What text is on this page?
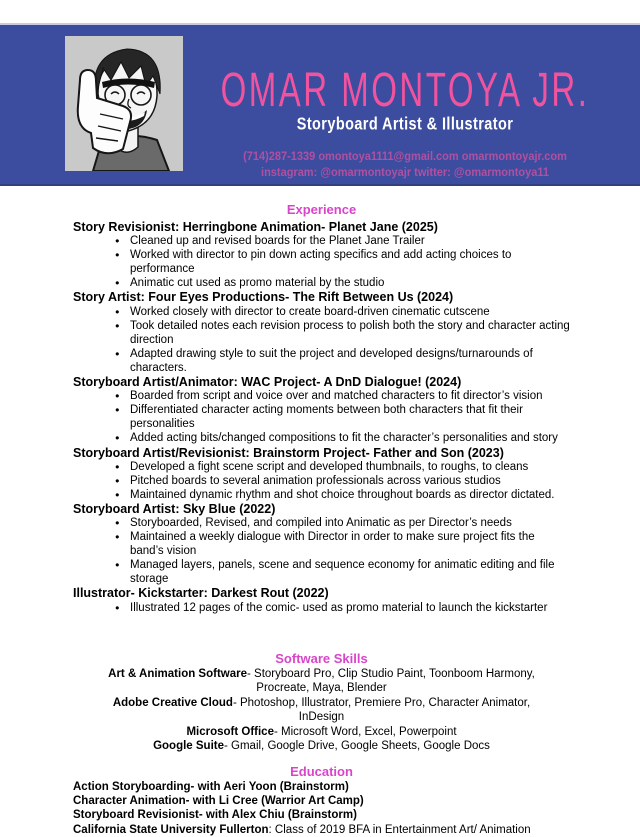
OMAR MONTOYA JR.
Storyboard Artist & Illustrator
(714)287-1339 omontoya1111@gmail.com omarmontoyajr.com
instagram: @omarmontoyajr twitter: @omarmontoya11
Experience
Story Revisionist: Herringbone Animation- Planet Jane (2025)
● Cleaned up and revised boards for the Planet Jane Trailer
● Worked with director to pin down acting specifics and add acting choices to performance
● Animatic cut used as promo material by the studio
Story Artist: Four Eyes Productions- The Rift Between Us (2024)
● Worked closely with director to create board-driven cinematic cutscene
● Took detailed notes each revision process to polish both the story and character acting direction
● Adapted drawing style to suit the project and developed designs/turnarounds of characters.
Storyboard Artist/Animator: WAC Project- A DnD Dialogue! (2024)
● Boarded from script and voice over and matched characters to fit director’s vision
● Differentiated character acting moments between both characters that fit their personalities
● Added acting bits/changed compositions to fit the character’s personalities and story
Storyboard Artist/Revisionist: Brainstorm Project- Father and Son (2023)
● Developed a fight scene script and developed thumbnails, to roughs, to cleans
● Pitched boards to several animation professionals across various studios
● Maintained dynamic rhythm and shot choice throughout boards as director dictated.
Storyboard Artist: Sky Blue (2022)
● Storyboarded, Revised, and compiled into Animatic as per Director’s needs
● Maintained a weekly dialogue with Director in order to make sure project fits the band’s vision
● Managed layers, panels, scene and sequence economy for animatic editing and file storage
Illustrator- Kickstarter: Darkest Rout (2022)
● Illustrated 12 pages of the comic- used as promo material to launch the kickstarter
Software Skills
Art & Animation Software- Storyboard Pro, Clip Studio Paint, Toonboom Harmony, Procreate, Maya, Blender
Adobe Creative Cloud- Photoshop, Illustrator, Premiere Pro, Character Animator, InDesign
Microsoft Office- Microsoft Word, Excel, Powerpoint
Google Suite- Gmail, Google Drive, Google Sheets, Google Docs
Education
Action Storyboarding- with Aeri Yoon (Brainstorm)
Character Animation- with Li Cree (Warrior Art Camp)
Storyboard Revisionist- with Alex Chiu (Brainstorm)
California State University Fullerton: Class of 2019 BFA in Entertainment Art/ Animation
